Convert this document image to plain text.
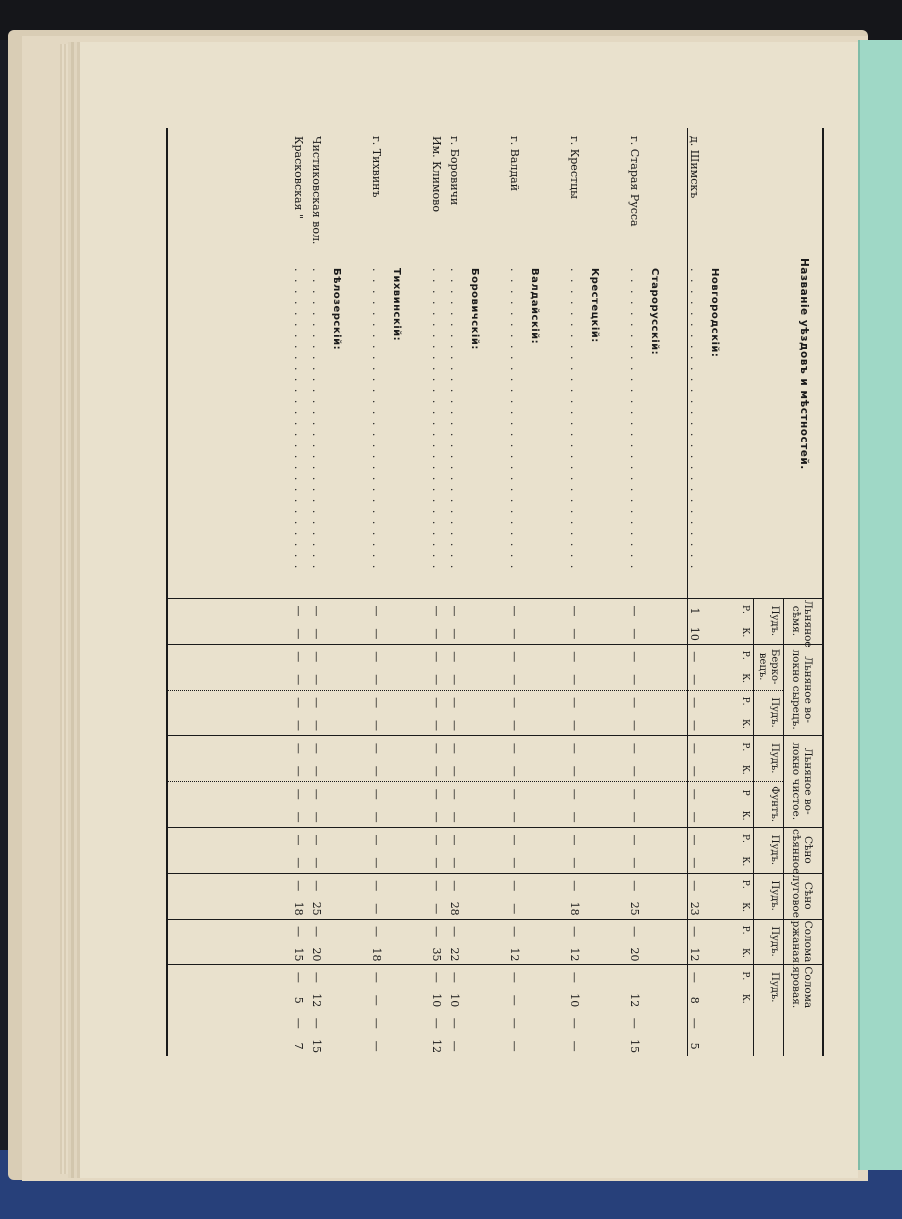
Названіе уѣздовъ и мѣстностей.
Льняное сѣмя.
Пудъ.
Р.
К.
Льняное во-локно сырецъ.
Берко-вецъ.
Р.
К.
Пудъ.
Р.
К.
Льняное во-локно чистое.
Пудъ.
Р.
К.
Фунтъ.
Р
К.
Сѣно сѣянное.
Пудъ.
Р.
К.
Сѣно луговое.
Пудъ.
Р.
К.
Солома ржаная.
Пудъ.
Р.
К.
Солома яровая.
Пудъ.
Р.
К.
Новгородскій:
д. Шимскъ
. . . . . . . . . . . . . . . . . . . . . . . . . . . .
1
10
—
—
—
—
—
—
—
—
—
—
—
23
—
12
—
8
—
5
Старорусскій:
г. Старая Русса
. . . . . . . . . . . . . . . . . . . . . . . . . . . .
—
—
—
—
—
—
—
—
—
—
—
—
—
25
—
20
12
—
15
Крестецкій:
г. Крестцы
. . . . . . . . . . . . . . . . . . . . . . . . . . . .
—
—
—
—
—
—
—
—
—
—
—
—
—
18
—
12
—
10
—
—
Валдайскій:
г. Валдай
. . . . . . . . . . . . . . . . . . . . . . . . . . . .
—
—
—
—
—
—
—
—
—
—
—
—
—
—
—
12
—
—
—
—
Боровичскій:
г. Боровичи
. . . . . . . . . . . . . . . . . . . . . . . . . . . .
—
—
—
—
—
—
—
—
—
—
—
—
—
28
—
22
—
10
—
—
Им. Климово
. . . . . . . . . . . . . . . . . . . . . . . . . . . .
—
—
—
—
—
—
—
—
—
—
—
—
—
—
—
35
—
10
—
12
Тихвинскій:
г. Тихвинъ
. . . . . . . . . . . . . . . . . . . . . . . . . . . .
—
—
—
—
—
—
—
—
—
—
—
—
—
—
—
18
—
—
—
—
Бѣлозерскій:
Чистиковская вол.
. . . . . . . . . . . . . . . . . . . . . . . . . . . .
—
—
—
—
—
—
—
—
—
—
—
—
—
25
—
20
—
12
—
15
Красковская "
. . . . . . . . . . . . . . . . . . . . . . . . . . . .
—
—
—
—
—
—
—
—
—
—
—
—
—
18
—
15
—
5
—
7
